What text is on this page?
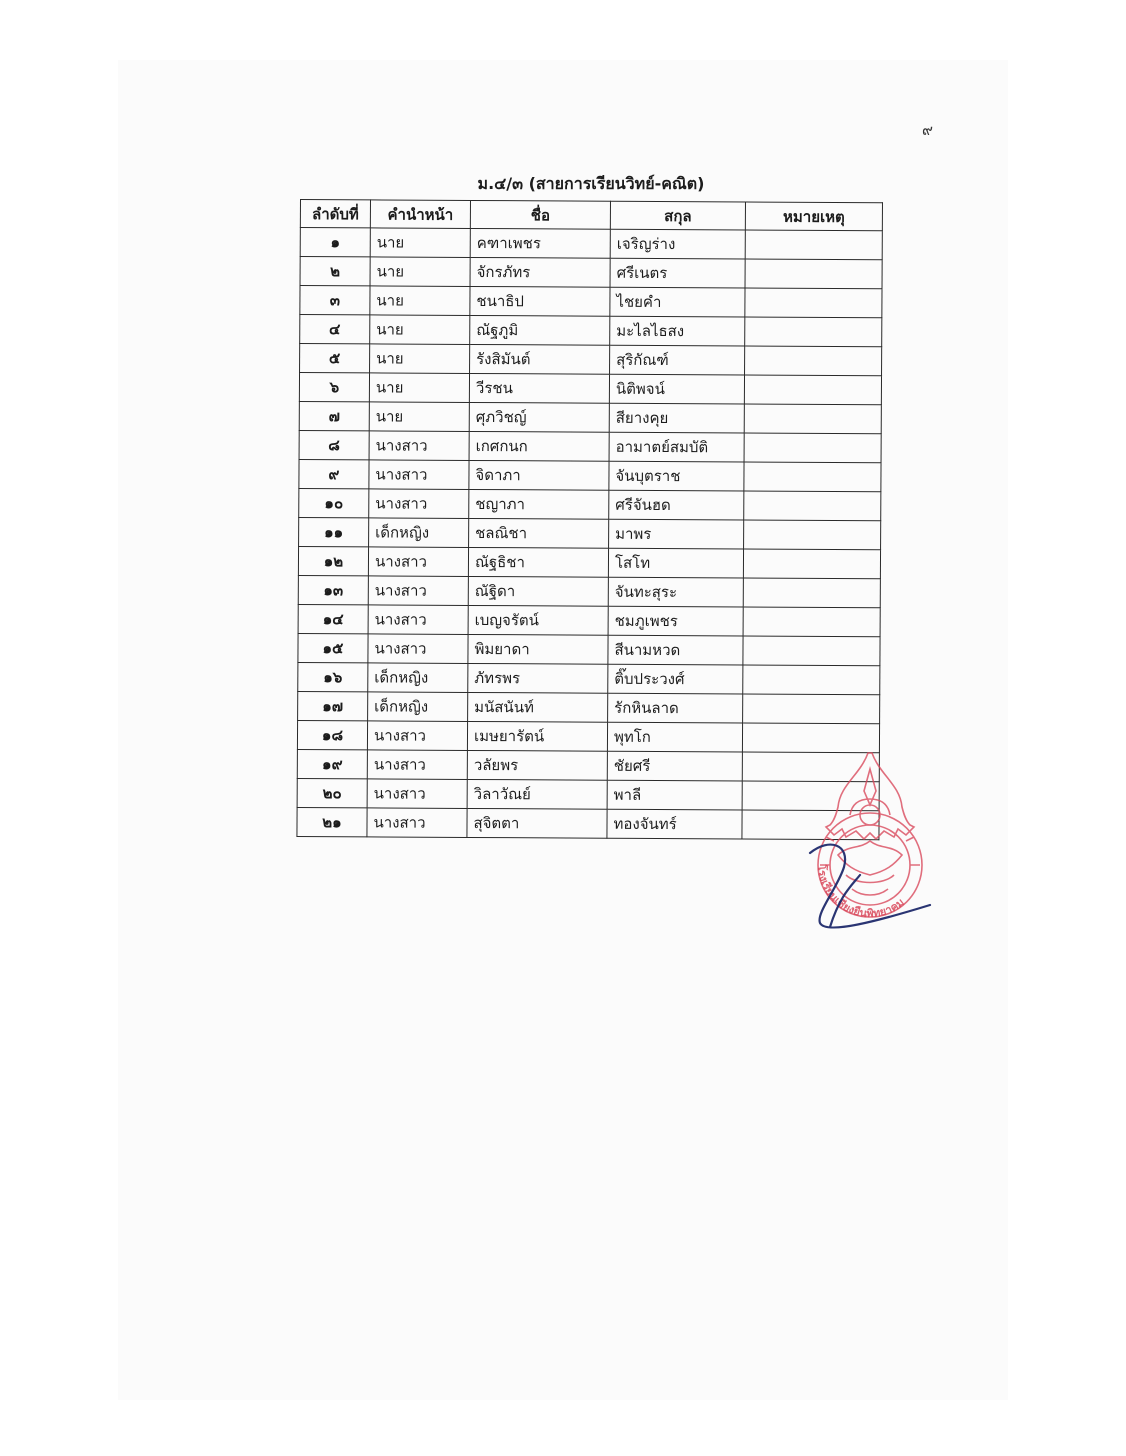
๙
ม.๔/๓ (สายการเรียนวิทย์-คณิต)
ลำดับที่	คำนำหน้า	ชื่อ	สกุล	หมายเหตุ
๑	นาย	คฑาเพชร	เจริญร่าง	
๒	นาย	จักรภัทร	ศรีเนตร	
๓	นาย	ชนาธิป	ไชยคำ	
๔	นาย	ณัฐภูมิ	มะไลไธสง	
๕	นาย	รังสิมันต์	สุริกัณฑ์	
๖	นาย	วีรชน	นิติพจน์	
๗	นาย	ศุภวิชญ์	สียางคุย	
๘	นางสาว	เกศกนก	อามาตย์สมบัติ	
๙	นางสาว	จิดาภา	จันบุตราช	
๑๐	นางสาว	ชญาภา	ศรีจันฮด	
๑๑	เด็กหญิง	ชลณิชา	มาพร	
๑๒	นางสาว	ณัฐธิชา	โสโท	
๑๓	นางสาว	ณัฐิดา	จันทะสุระ	
๑๔	นางสาว	เบญจรัตน์	ชมภูเพชร	
๑๕	นางสาว	พิมยาดา	สีนามหวด	
๑๖	เด็กหญิง	ภัทรพร	ติ๊บประวงศ์	
๑๗	เด็กหญิง	มนัสนันท์	รักหินลาด	
๑๘	นางสาว	เมษยารัตน์	พุทโก	
๑๙	นางสาว	วลัยพร	ชัยศรี	
๒๐	นางสาว	วิลาวัณย์	พาลี	
๒๑	นางสาว	สุจิตตา	ทองจันทร์	
โรงเรียนเชียงยืนพิทยาคม
